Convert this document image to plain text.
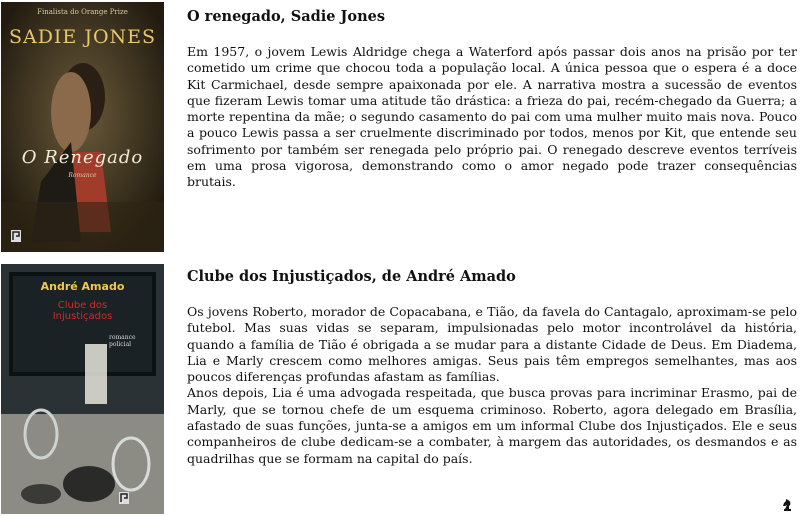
Finalista do Orange Prize
SADIE JONES
O Renegado
Romance
O renegado, Sadie Jones

Em 1957, o jovem Lewis Aldridge chega a Waterford após passar dois anos na prisão por ter cometido um crime que chocou toda a população local. A única pessoa que o espera é a doce Kit Carmichael, desde sempre apaixonada por ele. A narrativa mostra a sucessão de eventos que fizeram Lewis tomar uma atitude tão drástica: a frieza do pai, recém-chegado da Guerra; a morte repentina da mãe; o segundo casamento do pai com uma mulher muito mais nova. Pouco a pouco Lewis passa a ser cruelmente discriminado por todos, menos por Kit, que entende seu sofrimento por também ser renegada pelo próprio pai. O renegado descreve eventos terríveis em uma prosa vigorosa, demonstrando como o amor negado pode trazer consequências brutais.

André Amado
Clube dos
Injustiçados
romance
policial
Clube dos Injustiçados, de André Amado

Os jovens Roberto, morador de Copacabana, e Tião, da favela do Cantagalo, aproximam-se pelo futebol. Mas suas vidas se separam, impulsionadas pelo motor incontrolável da história, quando a família de Tião é obrigada a se mudar para a distante Cidade de Deus. Em Diadema, Lia e Marly crescem como melhores amigas. Seus pais têm empregos semelhantes, mas aos poucos diferenças profundas afastam as famílias.

Anos depois, Lia é uma advogada respeitada, que busca provas para incriminar Erasmo, pai de Marly, que se tornou chefe de um esquema criminoso. Roberto, agora delegado em Brasília, afastado de suas funções, junta-se a amigos em um informal Clube dos Injustiçados. Ele e seus companheiros de clube dedicam-se a combater, à margem das autoridades, os desmandos e as quadrilhas que se formam na capital do país.
